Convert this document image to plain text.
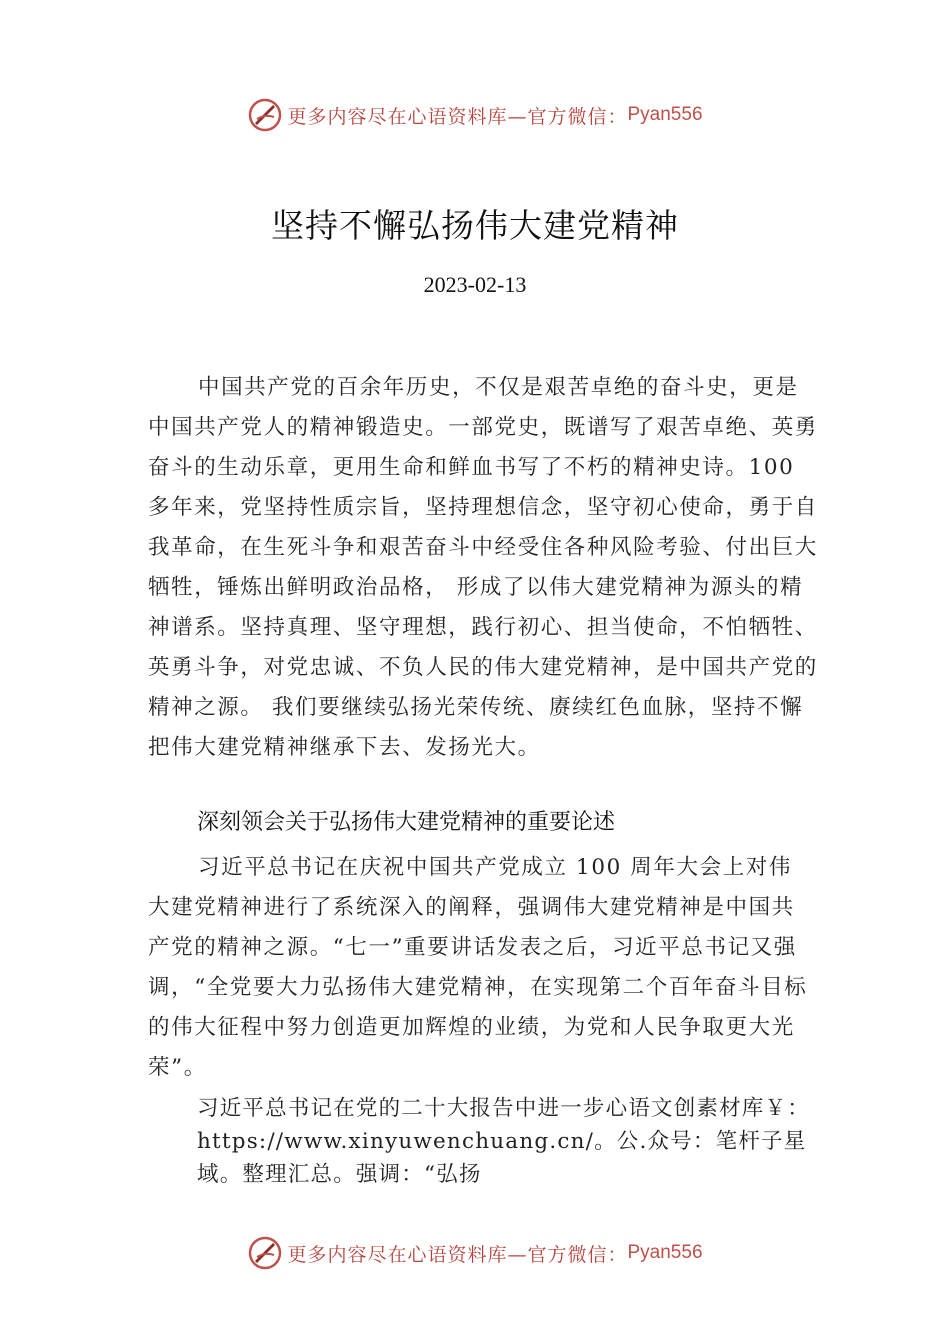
更多内容尽在心语资料库—官方微信： Pyan556
坚持不懈弘扬伟大建党精神
2023-02-13

中国共产党的百余年历史，不仅是艰苦卓绝的奋斗史，更是中国共产党人的精神锻造史。一部党史，既谱写了艰苦卓绝、英勇奋斗的生动乐章，更用生命和鲜血书写了不朽的精神史诗。100 多年来，党坚持性质宗旨，坚持理想信念，坚守初心使命，勇于自我革命，在生死斗争和艰苦奋斗中经受住各种风险考验、付出巨大牺牲，锤炼出鲜明政治品格， 形成了以伟大建党精神为源头的精神谱系。坚持真理、坚守理想，践行初心、担当使命，不怕牺牲、英勇斗争，对党忠诚、不负人民的伟大建党精神，是中国共产党的精神之源。 我们要继续弘扬光荣传统、赓续红色血脉，坚持不懈把伟大建党精神继承下去、发扬光大。

深刻领会关于弘扬伟大建党精神的重要论述

习近平总书记在庆祝中国共产党成立 100 周年大会上对伟大建党精神进行了系统深入的阐释，强调伟大建党精神是中国共产党的精神之源。“七一”重要讲话发表之后，习近平总书记又强调，“全党要大力弘扬伟大建党精神，在实现第二个百年奋斗目标的伟大征程中努力创造更加辉煌的业绩，为党和人民争取更大光荣”。

习近平总书记在党的二十大报告中进一步心语文创素材库￥：https://www.xinyuwenchuang.cn/。公.众号：笔杆子星域。整理汇总。强调：“弘扬

更多内容尽在心语资料库—官方微信： Pyan556
